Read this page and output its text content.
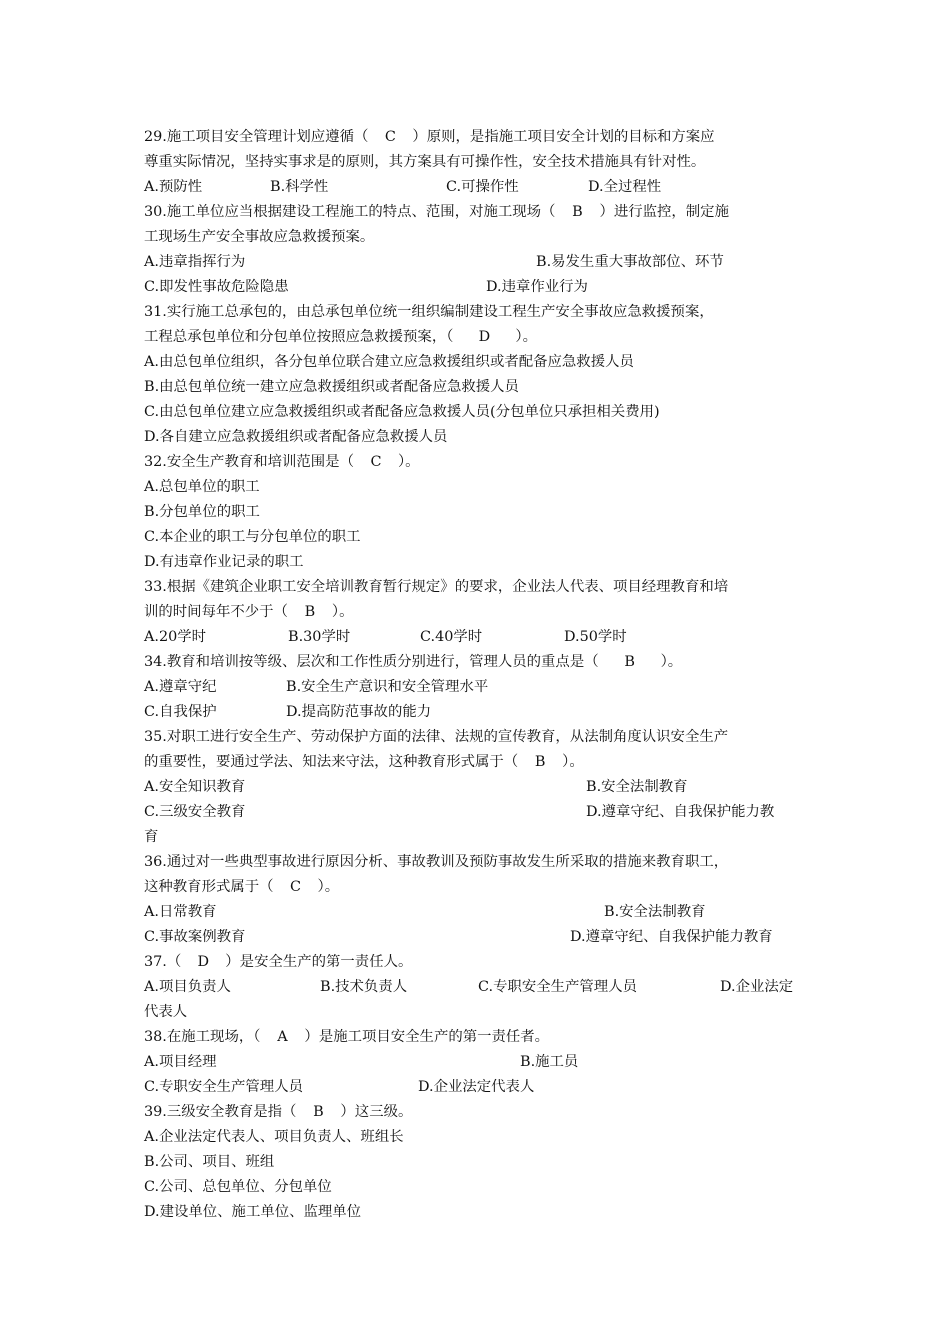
29.施工项目安全管理计划应遵循（ C ）原则，是指施工项目安全计划的目标和方案应
尊重实际情况，坚持实事求是的原则，其方案具有可操作性，安全技术措施具有针对性。
A.预防性	B.科学性	C.可操作性	D.全过程性
30.施工单位应当根据建设工程施工的特点、范围，对施工现场（ B ）进行监控，制定施
工现场生产安全事故应急救援预案。
A.违章指挥行为	B.易发生重大事故部位、环节
C.即发性事故危险隐患	D.违章作业行为
31.实行施工总承包的，由总承包单位统一组织编制建设工程生产安全事故应急救援预案，
工程总承包单位和分包单位按照应急救援预案，（ D ）。
A.由总包单位组织，各分包单位联合建立应急救援组织或者配备应急救援人员
B.由总包单位统一建立应急救援组织或者配备应急救援人员
C.由总包单位建立应急救援组织或者配备应急救援人员(分包单位只承担相关费用)
D.各自建立应急救援组织或者配备应急救援人员
32.安全生产教育和培训范围是（ C ）。
A.总包单位的职工
B.分包单位的职工
C.本企业的职工与分包单位的职工
D.有违章作业记录的职工
33.根据《建筑企业职工安全培训教育暂行规定》的要求，企业法人代表、项目经理教育和培
训的时间每年不少于（ B ）。
A.20学时	B.30学时	C.40学时	D.50学时
34.教育和培训按等级、层次和工作性质分别进行，管理人员的重点是（ B ）。
A.遵章守纪	B.安全生产意识和安全管理水平
C.自我保护	D.提高防范事故的能力
35.对职工进行安全生产、劳动保护方面的法律、法规的宣传教育，从法制角度认识安全生产
的重要性，要通过学法、知法来守法，这种教育形式属于（ B ）。
A.安全知识教育	B.安全法制教育
C.三级安全教育	D.遵章守纪、自我保护能力教
育
36.通过对一些典型事故进行原因分析、事故教训及预防事故发生所采取的措施来教育职工，
这种教育形式属于（ C ）。
A.日常教育	B.安全法制教育
C.事故案例教育	D.遵章守纪、自我保护能力教育
37.（ D ）是安全生产的第一责任人。
A.项目负责人	B.技术负责人	C.专职安全生产管理人员	D.企业法定
代表人
38.在施工现场，（ A ）是施工项目安全生产的第一责任者。
A.项目经理	B.施工员
C.专职安全生产管理人员	D.企业法定代表人
39.三级安全教育是指（ B ）这三级。
A.企业法定代表人、项目负责人、班组长
B.公司、项目、班组
C.公司、总包单位、分包单位
D.建设单位、施工单位、监理单位
